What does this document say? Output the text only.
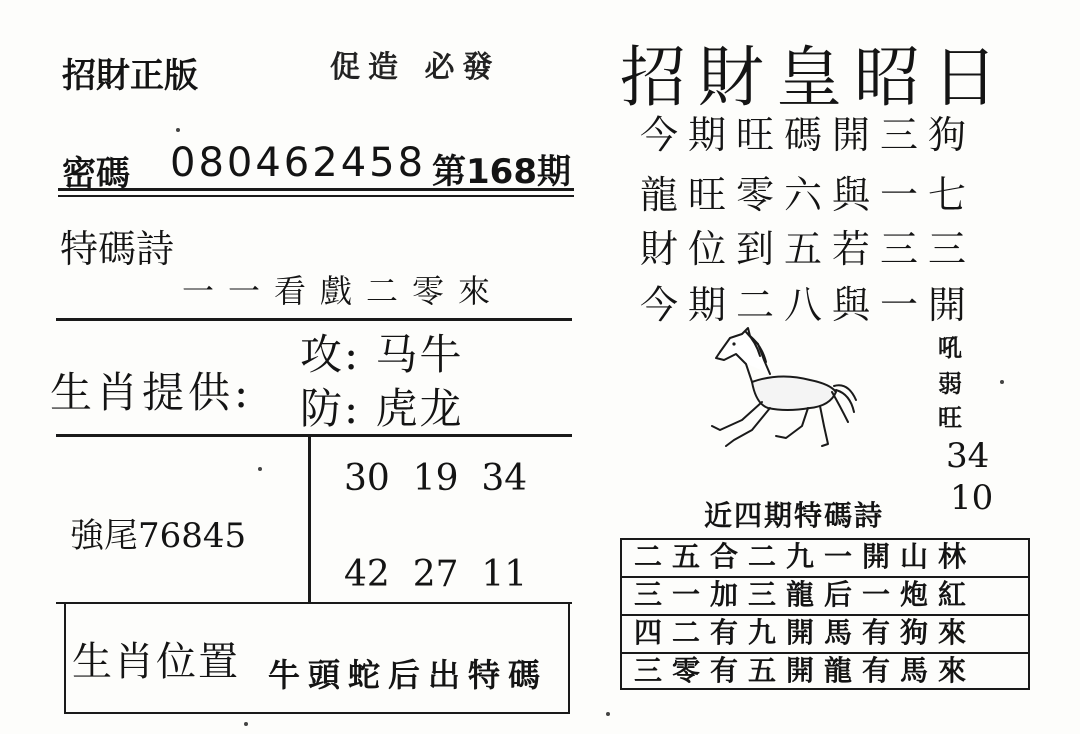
招財正版	促造 必發
密碼 080462458 第168期
特碼詩
一一看戲二零來
生肖提供:
攻: 马牛
防: 虎龙
強尾76845
30  19  34
42  27  11
生肖位置 牛頭蛇后出特碼
招財皇昭日
今期旺碼開三狗
龍旺零六與一七
財位到五若三三
今期二八與一開
吼
弱
旺
34
10
近四期特碼詩
二五合二九一開山林
三一加三龍后一炮紅
四二有九開馬有狗來
三零有五開龍有馬來
